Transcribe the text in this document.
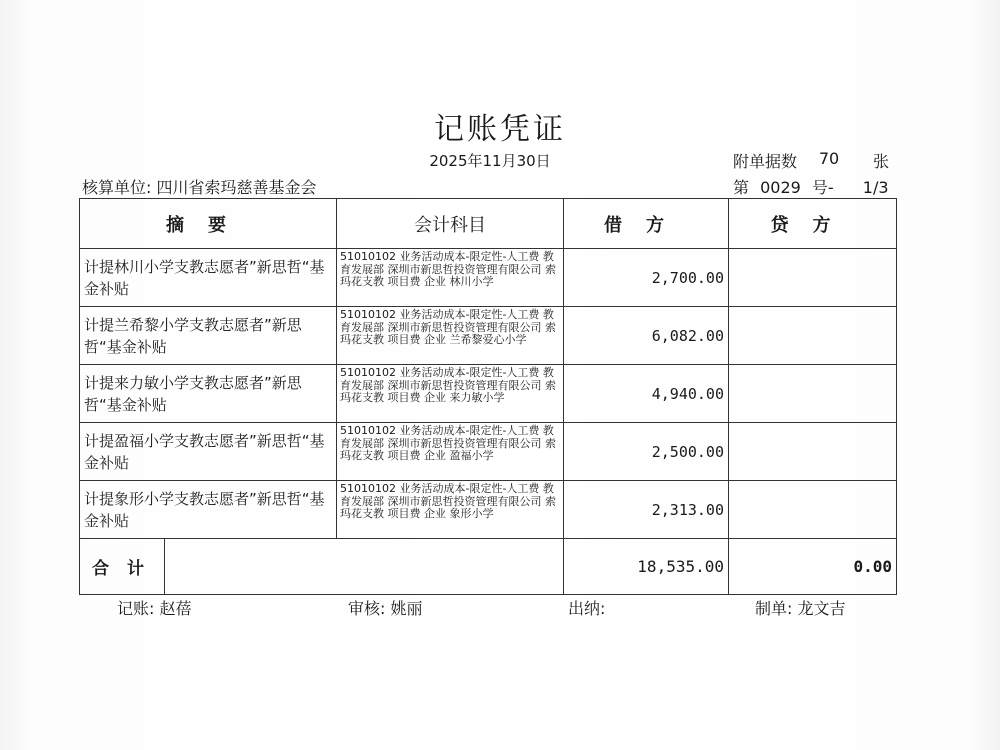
记账凭证
2025年11月30日	附单据数	70	张
核算单位: 四川省索玛慈善基金会	第 0029 号- 1/3
摘要		会计科目	借方	贷方
计提林川小学支教志愿者”新思哲“基金补贴		51010102 业务活动成本-限定性-人工费 教育发展部 深圳市新思哲投资管理有限公司 索玛花支教 项目费 企业 林川小学	2,700.00	
计提兰希黎小学支教志愿者”新思哲“基金补贴		51010102 业务活动成本-限定性-人工费 教育发展部 深圳市新思哲投资管理有限公司 索玛花支教 项目费 企业 兰希黎爱心小学	6,082.00	
计提来力敏小学支教志愿者”新思哲“基金补贴		51010102 业务活动成本-限定性-人工费 教育发展部 深圳市新思哲投资管理有限公司 索玛花支教 项目费 企业 来力敏小学	4,940.00	
计提盈福小学支教志愿者”新思哲“基金补贴		51010102 业务活动成本-限定性-人工费 教育发展部 深圳市新思哲投资管理有限公司 索玛花支教 项目费 企业 盈福小学	2,500.00	
计提象形小学支教志愿者”新思哲“基金补贴		51010102 业务活动成本-限定性-人工费 教育发展部 深圳市新思哲投资管理有限公司 索玛花支教 项目费 企业 象形小学	2,313.00	
合计			18,535.00	0.00
记账: 赵蓓	审核: 姚丽	出纳:	制单: 龙文吉
